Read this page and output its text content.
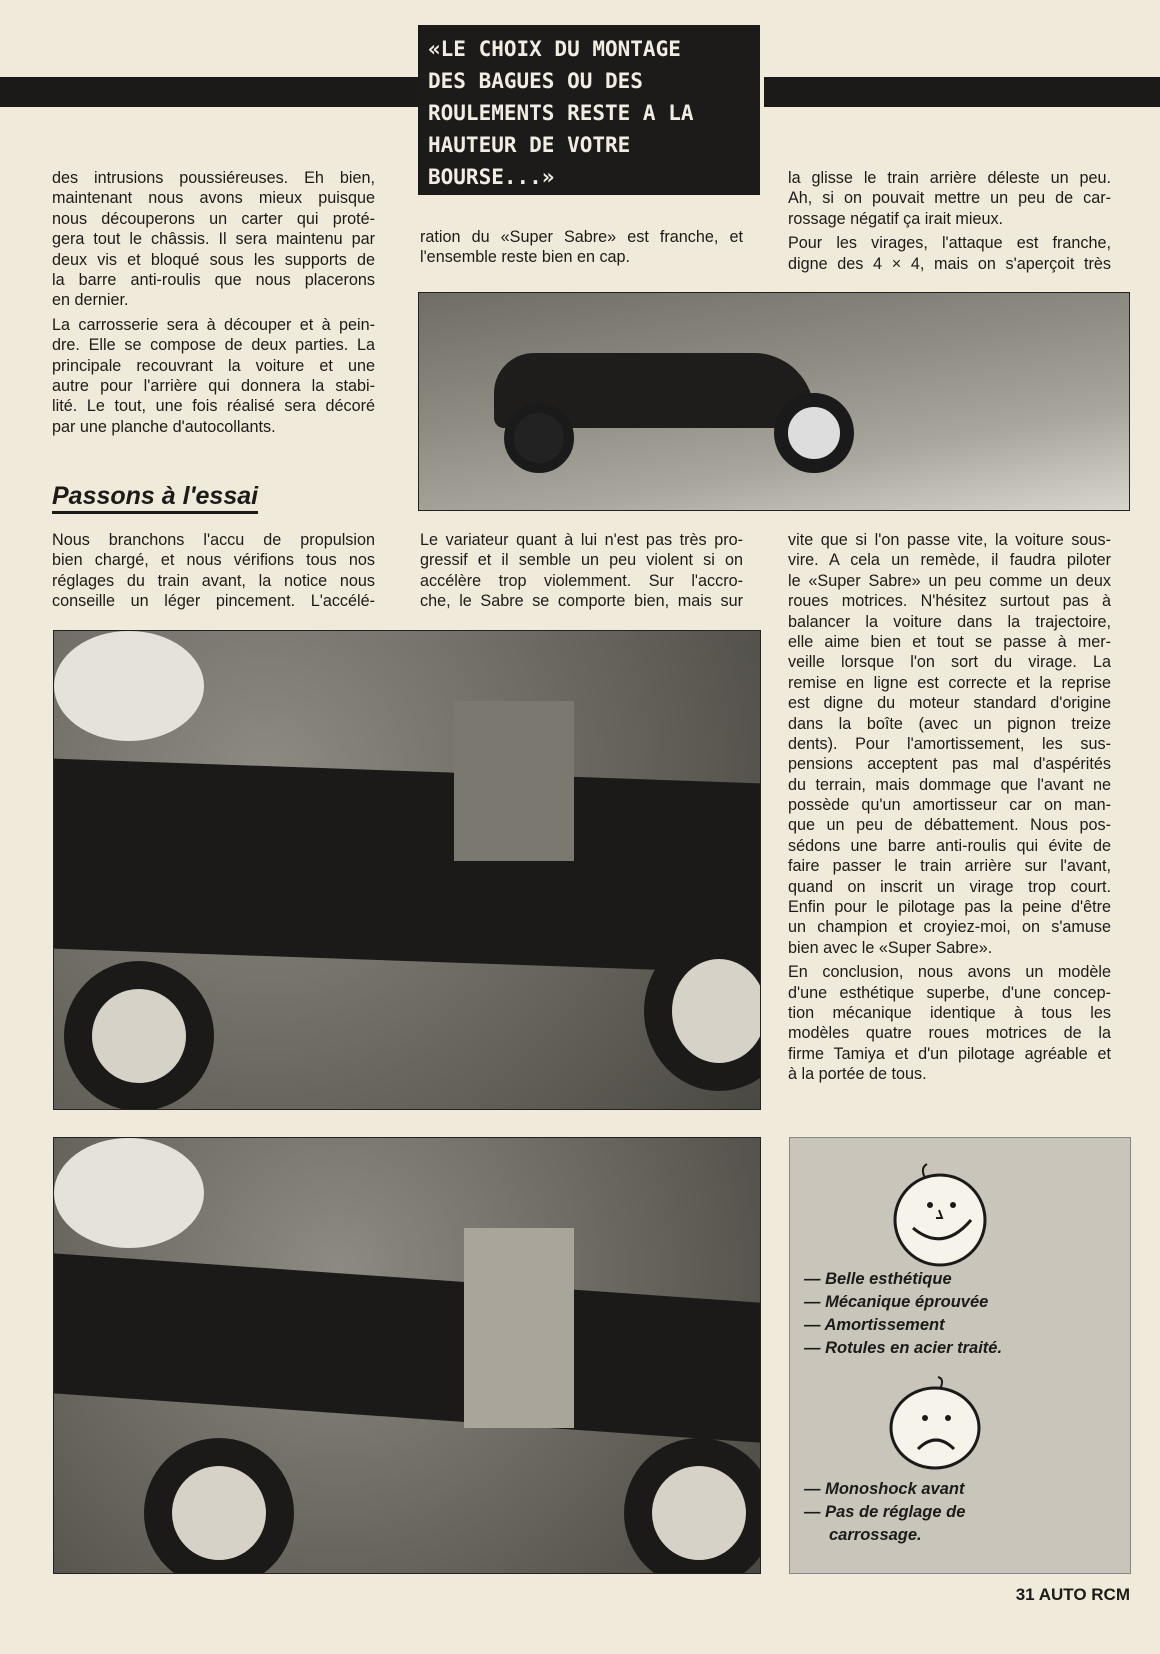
«LE CHOIX DU MONTAGE
DES BAGUES OU DES
ROULEMENTS RESTE A LA
HAUTEUR DE VOTRE
BOURSE...»
des intrusions poussiéreuses. Eh bien,
maintenant nous avons mieux puisque
nous découperons un carter qui proté-
gera tout le châssis. Il sera maintenu par
deux vis et bloqué sous les supports de
la barre anti-roulis que nous placerons
en dernier.
La carrosserie sera à découper et à pein-
dre. Elle se compose de deux parties. La
principale recouvrant la voiture et une
autre pour l'arrière qui donnera la stabi-
lité. Le tout, une fois réalisé sera décoré
par une planche d'autocollants.
ration du «Super Sabre» est franche, et
l'ensemble reste bien en cap.
la glisse le train arrière déleste un peu.
Ah, si on pouvait mettre un peu de car-
rossage négatif ça irait mieux.
Pour les virages, l'attaque est franche,
digne des 4 × 4, mais on s'aperçoit très
Passons à l'essai
Nous branchons l'accu de propulsion
bien chargé, et nous vérifions tous nos
réglages du train avant, la notice nous
conseille un léger pincement. L'accélé-
Le variateur quant à lui n'est pas très pro-
gressif et il semble un peu violent si on
accélère trop violemment. Sur l'accro-
che, le Sabre se comporte bien, mais sur
vite que si l'on passe vite, la voiture sous-
vire. A cela un remède, il faudra piloter
le «Super Sabre» un peu comme un deux
roues motrices. N'hésitez surtout pas à
balancer la voiture dans la trajectoire,
elle aime bien et tout se passe à mer-
veille lorsque l'on sort du virage. La
remise en ligne est correcte et la reprise
est digne du moteur standard d'origine
dans la boîte (avec un pignon treize
dents). Pour l'amortissement, les sus-
pensions acceptent pas mal d'aspérités
du terrain, mais dommage que l'avant ne
possède qu'un amortisseur car on man-
que un peu de débattement. Nous pos-
sédons une barre anti-roulis qui évite de
faire passer le train arrière sur l'avant,
quand on inscrit un virage trop court.
Enfin pour le pilotage pas la peine d'être
un champion et croyiez-moi, on s'amuse
bien avec le «Super Sabre».
En conclusion, nous avons un modèle
d'une esthétique superbe, d'une concep-
tion mécanique identique à tous les
modèles quatre roues motrices de la
firme Tamiya et d'un pilotage agréable et
à la portée de tous.
— Belle esthétique
— Mécanique éprouvée
— Amortissement
— Rotules en acier traité.
— Monoshock avant
— Pas de réglage de
carrossage.
31 AUTO RCM
